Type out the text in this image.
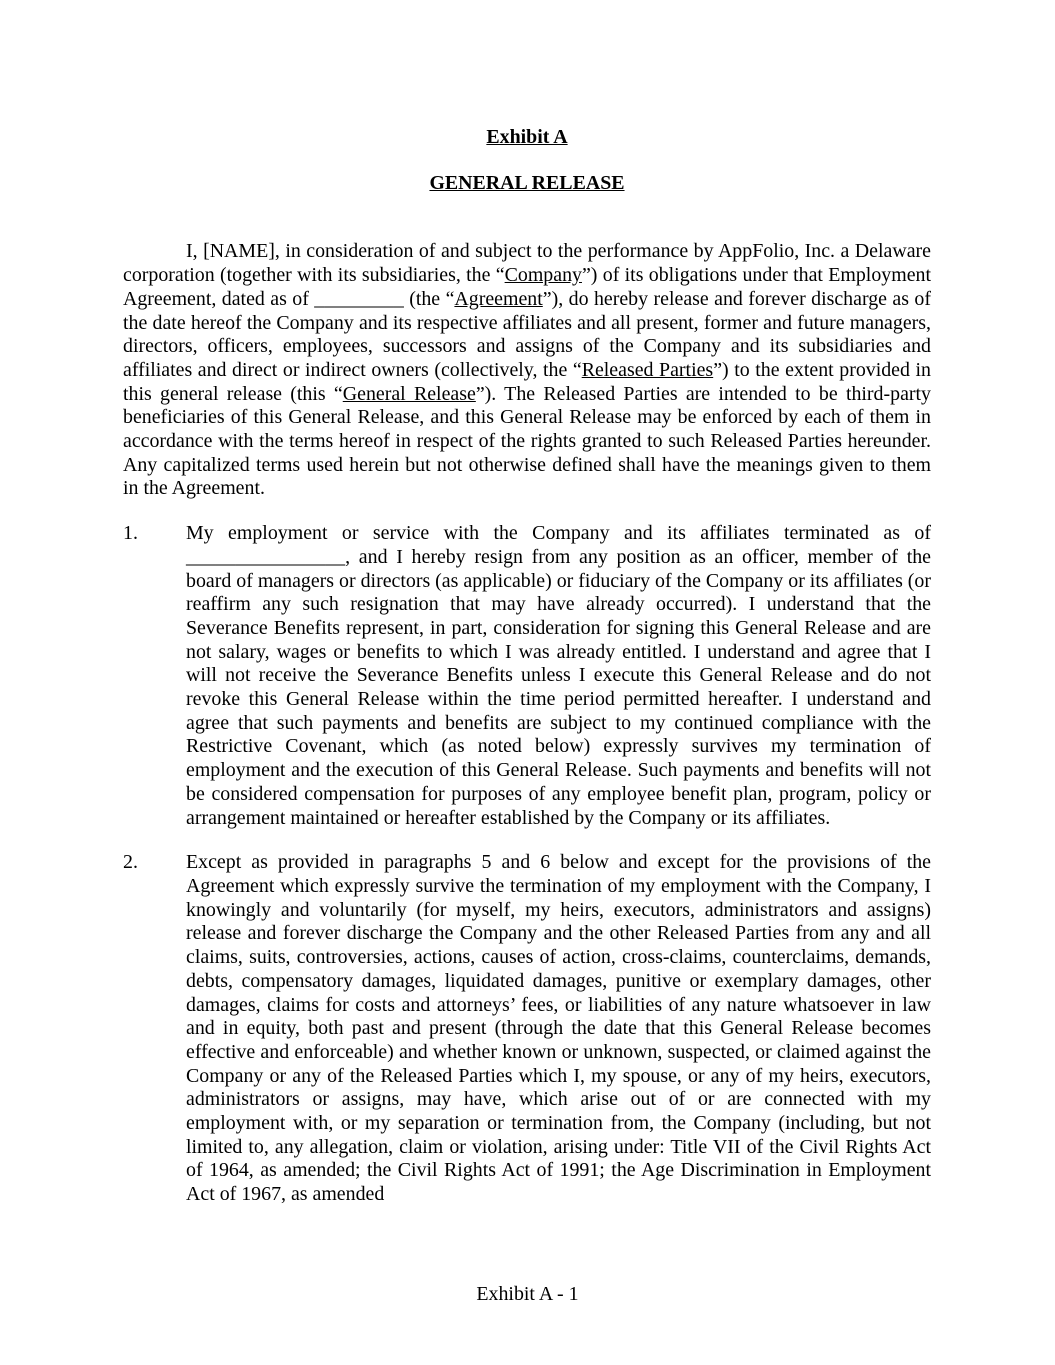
Exhibit A
GENERAL RELEASE

I, [NAME], in consideration of and subject to the performance by AppFolio, Inc. a Delaware corporation (together with its subsidiaries, the “Company”) of its obligations under that Employment Agreement, dated as of _________ (the “Agreement”), do hereby release and forever discharge as of the date hereof the Company and its respective affiliates and all present, former and future managers, directors, officers, employees, successors and assigns of the Company and its subsidiaries and affiliates and direct or indirect owners (collectively, the “Released Parties”) to the extent provided in this general release (this “General Release”). The Released Parties are intended to be third-party beneficiaries of this General Release, and this General Release may be enforced by each of them in accordance with the terms hereof in respect of the rights granted to such Released Parties hereunder. Any capitalized terms used herein but not otherwise defined shall have the meanings given to them in the Agreement.

1. My employment or service with the Company and its affiliates terminated as of ________________, and I hereby resign from any position as an officer, member of the board of managers or directors (as applicable) or fiduciary of the Company or its affiliates (or reaffirm any such resignation that may have already occurred). I understand that the Severance Benefits represent, in part, consideration for signing this General Release and are not salary, wages or benefits to which I was already entitled. I understand and agree that I will not receive the Severance Benefits unless I execute this General Release and do not revoke this General Release within the time period permitted hereafter. I understand and agree that such payments and benefits are subject to my continued compliance with the Restrictive Covenant, which (as noted below) expressly survives my termination of employment and the execution of this General Release. Such payments and benefits will not be considered compensation for purposes of any employee benefit plan, program, policy or arrangement maintained or hereafter established by the Company or its affiliates.
2. Except as provided in paragraphs 5 and 6 below and except for the provisions of the Agreement which expressly survive the termination of my employment with the Company, I knowingly and voluntarily (for myself, my heirs, executors, administrators and assigns) release and forever discharge the Company and the other Released Parties from any and all claims, suits, controversies, actions, causes of action, cross-claims, counterclaims, demands, debts, compensatory damages, liquidated damages, punitive or exemplary damages, other damages, claims for costs and attorneys’ fees, or liabilities of any nature whatsoever in law and in equity, both past and present (through the date that this General Release becomes effective and enforceable) and whether known or unknown, suspected, or claimed against the Company or any of the Released Parties which I, my spouse, or any of my heirs, executors, administrators or assigns, may have, which arise out of or are connected with my employment with, or my separation or termination from, the Company (including, but not limited to, any allegation, claim or violation, arising under: Title VII of the Civil Rights Act of 1964, as amended; the Civil Rights Act of 1991; the Age Discrimination in Employment Act of 1967, as amended
Exhibit A - 1
